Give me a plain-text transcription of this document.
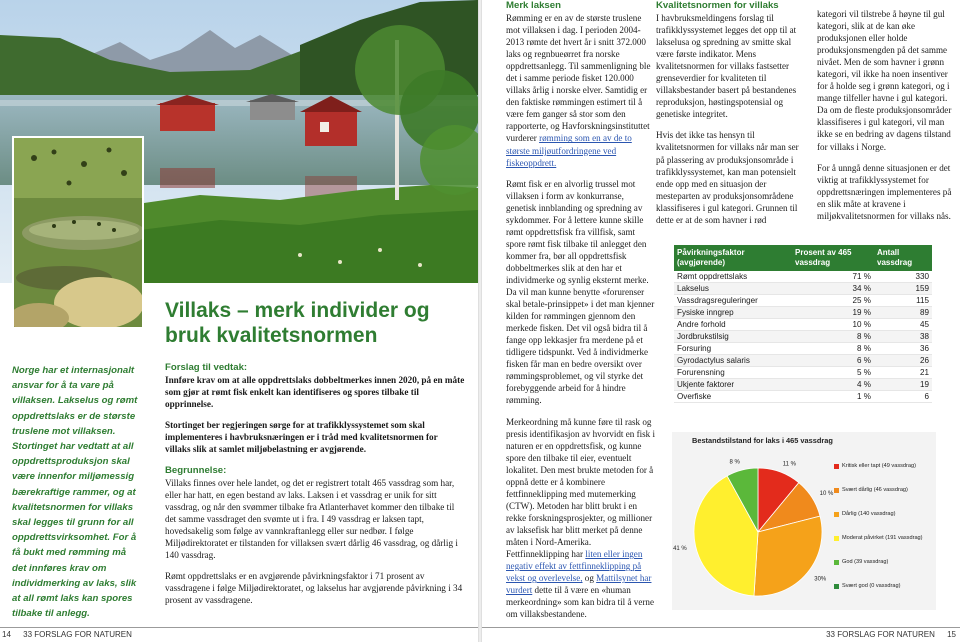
Villaks – merk individer og bruk kvalitetsnormen
Norge har et internasjonalt ansvar for å ta vare på villaksen. Lakselus og rømt oppdrettslaks er de største truslene mot villaksen. Stortinget har vedtatt at all oppdrettsproduksjon skal være innenfor miljømessig bærekraftige rammer, og at kvalitetsnormen for villaks skal legges til grunn for all oppdrettsvirksomhet. For å få bukt med rømming må det innføres krav om individmerking av laks, slik at all rømt laks kan spores tilbake til anlegg.
Forslag til vedtak:

Innføre krav om at alle oppdrettslaks dobbeltmerkes innen 2020, på en måte som gjør at rømt fisk enkelt kan identifiseres og spores tilbake til opprinnelse.

Stortinget ber regjeringen sørge for at trafikklyssystemet som skal implementeres i havbruksnæringen er i tråd med kvalitetsnormen for villaks slik at samlet miljøbelastning er avgjørende.

Begrunnelse:

Villaks finnes over hele landet, og det er registrert totalt 465 vassdrag som har, eller har hatt, en egen bestand av laks. Laksen i et vassdrag er unik for sitt vassdrag, og når den svømmer tilbake fra Atlanterhavet kommer den tilbake til det samme vassdraget den svømte ut i fra. I 49 vassdrag er laksen tapt, hovedsakelig som følge av vannkraftanlegg eller sur nedbør. I følge Miljødirektoratet er tilstanden for villaksen svært dårlig 46 vassdrag, og dårlig i 140 vassdrag.

Rømt oppdrettslaks er en avgjørende påvirkningsfaktor i 71 prosent av vassdragene i følge Miljødirektoratet, og lakselus har avgjørende påvirkning i 34 prosent av vassdragene.

14 33 FORSLAG FOR NATUREN
Merk laksen

Rømming er en av de største truslene mot villaksen i dag. I perioden 2004-2013 rømte det hvert år i snitt 372.000 laks og regnbueørret fra norske oppdrettsanlegg. Til sammenligning ble det i samme periode fisket 120.000 villaks årlig i norske elver. Samtidig er den faktiske rømmingen estimert til å være fem ganger så stor som den rapporterte, og Havforskningsinstituttet vurderer rømming som en av de to største miljøutfordringene ved fiskeoppdrett.

Rømt fisk er en alvorlig trussel mot villaksen i form av konkurranse, genetisk innblanding og spredning av sykdommer. For å lettere kunne skille rømt oppdrettsfisk fra villfisk, samt spore rømt fisk tilbake til anlegget den kommer fra, bør all oppdrettsfisk dobbeltmerkes slik at den har et individmerke og synlig eksternt merke. Da vil man kunne benytte «forurenser skal betale-prinsippet» i det man kjenner kilden for rømmingen gjennom den merkede fisken. Det vil også bidra til å fange opp lekkasjer fra merdene på et tidligere tidspunkt. Ved å individmerke fisken får man en bedre oversikt over rømmingsproblemet, og vil styrke det forebyggende arbeid for å hindre rømming.

Merkeordning må kunne føre til rask og presis identifikasjon av hvorvidt en fisk i naturen er en oppdrettsfisk, og kunne spore den tilbake til eier, eventuelt lokalitet. Den mest brukte metoden for å oppnå dette er å kombinere fettfinneklipping med mutemerking (CTW). Metoden har blitt brukt i en rekke forskningsprosjekter, og millioner av laksefisk har blitt merket på denne måten i Nord-Amerika. Fettfinneklipping har liten eller ingen negativ effekt av fettfinneklipping på vekst og overlevelse, og Mattilsynet har vurdert dette til å være en «human merkeordning» som kan bidra til å verne om villaksbestandene.

Kvalitetsnormen for villaks

I havbruksmeldingens forslag til trafikklyssystemet legges det opp til at lakselusa og spredning av smitte skal være første indikator. Mens kvalitetsnormen for villaks fastsetter grenseverdier for kvaliteten til villaksbestander basert på bestandenes reproduksjon, høstingspotensial og genetiske integritet.

Hvis det ikke tas hensyn til kvalitetsnormen for villaks når man ser på plassering av produksjonsområde i trafikklyssystemet, kan man potensielt ende opp med en situasjon der mesteparten av produksjonsområdene klassifiseres i gul kategori. Grunnen til dette er at de som havner i rød

kategori vil tilstrebe å høyne til gul kategori, slik at de kan øke produksjonen eller holde produksjonsmengden på det samme nivået. Men de som havner i grønn kategori, vil ikke ha noen insentiver for å holde seg i grønn kategori, og i mange tilfeller havne i gul kategori. Da om de fleste produksjonsområder klassifiseres i gul kategori, vil man ikke se en bedring av dagens tilstand for villaks i Norge.

For å unngå denne situasjonen er det viktig at trafikklyssystemet for oppdrettsnæringen implementeres på en slik måte at kravene i miljøkvalitetsnormen for villaks nås.

Påvirkningsfaktor (avgjørende)	Prosent av 465 vassdrag	Antall vassdrag
Rømt oppdrettslaks	71 %	330
Lakselus	34 %	159
Vassdragsreguleringer	25 %	115
Fysiske inngrep	19 %	89
Andre forhold	10 %	45
Jordbrukstilsig	8 %	38
Forsuring	8 %	36
Gyrodactylus salaris	6 %	26
Forurensning	5 %	21
Ukjente faktorer	4 %	19
Overfiske	1 %	6
11 %
10 %
30%
41 %
8 %
Bestandstilstand for laks i 465 vassdrag
Kritisk eller tapt (49 vassdrag)
Svært dårlig (46 vassdrag)
Dårlig (140 vassdrag)
Moderat påvirket (191 vassdrag)
God (39 vassdrag)
Svært god (0 vassdrag)
33 FORSLAG FOR NATUREN 15
